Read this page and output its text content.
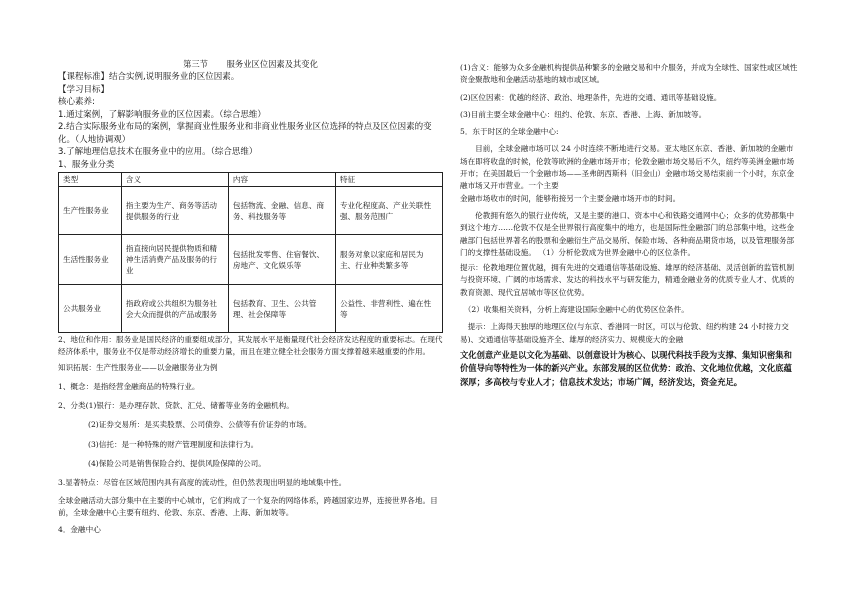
第三节 服务业区位因素及其变化
【课程标准】结合实例,说明服务业的区位因素。
【学习目标】
核心素养:
1.通过案例，了解影响服务业的区位因素。（综合思维）
2.结合实际服务业布局的案例，掌握商业性服务业和非商业性服务业区位选择的特点及区位因素的变化。（人地协调观）
3.了解地理信息技术在服务业中的应用。（综合思维）
1、服务业分类
类型	含义	内容	特征
生产性服务业	指主要为生产、商务等活动提供服务的行业	包括物流、金融、信息、商务、科技服务等	专业化程度高、产业关联性强、服务范围广
生活性服务业	指直接向居民提供物质和精神生活消费产品及服务的行业	包括批发零售、住宿餐饮、房地产、文化娱乐等	服务对象以家庭和居民为主、行业种类繁多等
公共服务业	指政府或公共组织为服务社会大众而提供的产品或服务	包括教育、卫生、公共管理、社会保障等	公益性、非营利性、遍在性等
2、地位和作用：服务业是国民经济的重要组成部分，其发展水平是衡量现代社会经济发达程度的重要标志。在现代经济体系中，服务业不仅是带动经济增长的重要力量，而且在建立健全社会服务方面支撑着越来越重要的作用。
知识拓展：生产性服务业——以金融服务业为例
1、概念：是指经营金融商品的特殊行业。
2、分类(1)银行：是办理存款、贷款、汇兑、储蓄等业务的金融机构。
(2)证券交易所：是买卖股票、公司债券、公债等有价证券的市场。
(3)信托：是一种特殊的财产管理制度和法律行为。
(4)保险公司是销售保险合约、提供风险保障的公司。
3.显著特点：尽管在区域范围内具有高度的流动性，但仍然表现出明显的地域集中性。
全球金融活动大部分集中在主要的中心城市，它们构成了一个复杂的网络体系，跨越国家边界，连接世界各地。目前，全球金融中心主要有纽约、伦敦、东京、香港、上海、新加坡等。
4．金融中心
(1)含义：能够为众多金融机构提供品种繁多的金融交易和中介服务，并成为全球性、国家性或区域性资金聚散地和金融活动基地的城市或区域。
(2)区位因素：优越的经济、政治、地理条件，先进的交通、通讯等基础设施。
(3)目前主要全球金融中心：纽约、伦敦、东京、香港、上海、新加坡等。
5．东于时区的全球金融中心:
　　目前，全球金融市场可以 24 小时连续不断地进行交易。亚太地区东京、香港、新加坡的金融市场在即将收盘的时候，伦敦等欧洲的金融市场开市；伦敦金融市场交易后不久，纽约等美洲金融市场开市；在美国最后一个金融市场——圣弗朗西斯科（旧金山）金融市场交易结束前一个小时，东京金融市场又开市营业。一个主要
金融市场收市的时间，能够衔接另一个主要金融市场开市的时间。
　　伦教拥有悠久的银行业传统，又是主要的港口、资本中心和铁路交通网中心；众多的优势都集中到这个地方……伦敦不仅是全世界银行高度集中的地方，也是国际性金融部门的总部集中地，这些金融部门包括世界著名的股票和金融衍生产品交易所、保险市场、各种商品期货市场，以及管理服务部门的支撑性基础设施。 （1）分析伦敦成为世界金融中心的区位条件。
提示：伦教地理位置优越，拥有先进的交通通信等基础设施、雄厚的经济基础、灵活创新的监管机制与投资环境、广阔的市场需求、发达的科技水平与研发能力，精通金融业务的优质专业人才、优质的教育资源、现代宜居城市等区位优势。
　（2）收集相关资料，分析上海建设国际金融中心的优势区位条件。
　提示：上海得天独厚的地理区位(与东京、香港同一时区，可以与伦敦、纽约构建 24 小时接力交易)、交通通信等基础设施齐全、雄厚的经济实力、规模庞大的金融
文化创意产业是以文化为基础、以创意设计为核心、以现代科技手段为支撑、集知识密集和价值导向等特性为一体的新兴产业。东部发展的区位优势：政治、文化地位优越，文化底蕴深厚；多高校与专业人才；信息技术发达；市场广阔，经济发达，资金充足。
